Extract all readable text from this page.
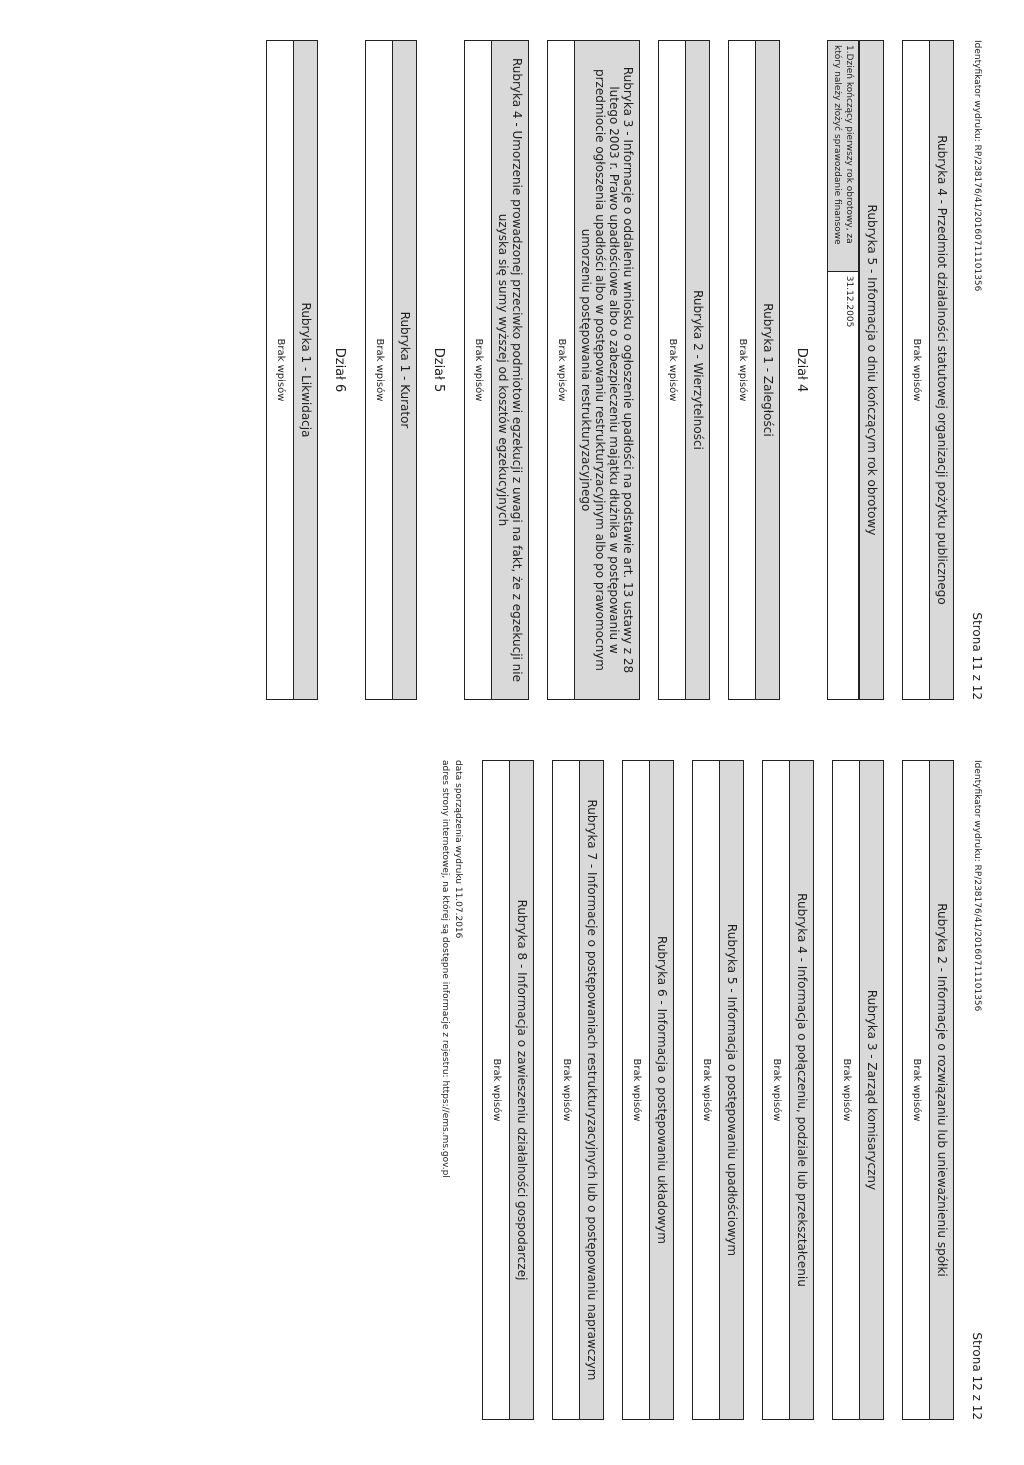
Identyfikator wydruku: RP/238176/41/20160711101356
Strona 11 z 12
Rubryka 4 - Przedmiot działalności statutowej organizacji pożytku publicznego
Brak wpisów
Rubryka 5 - Informacja o dniu kończącym rok obrotowy
1.Dzień kończący pierwszy rok obrotowy, za który należy złożyć sprawozdanie finansowe	31.12.2005
Dział 4
Rubryka 1 - Zaległości
Brak wpisów
Rubryka 2 - Wierzytelności
Brak wpisów
Rubryka 3 - Informacje o oddaleniu wniosku o ogłoszenie upadłości na podstawie art. 13 ustawy z 28 lutego 2003 r. Prawo upadłościowe albo o zabezpieczeniu majątku dłużnika w postępowaniu w przedmiocie ogłoszenia upadłości albo w postępowaniu restrukturyzacyjnym albo po prawomocnym umorzeniu postępowania restrukturyzacyjnego
Brak wpisów
Rubryka 4 - Umorzenie prowadzonej przeciwko podmiotowi egzekucji z uwagi na fakt, że z egzekucji nie uzyska się sumy wyższej od kosztów egzekucyjnych
Brak wpisów
Dział 5
Rubryka 1 - Kurator
Brak wpisów
Dział 6
Rubryka 1 - Likwidacja
Brak wpisów
Identyfikator wydruku: RP/238176/41/20160711101356
Strona 12 z 12
Rubryka 2 - Informacje o rozwiązaniu lub unieważnieniu spółki
Brak wpisów
Rubryka 3 - Zarząd komisaryczny
Brak wpisów
Rubryka 4 - Informacja o połączeniu, podziale lub przekształceniu
Brak wpisów
Rubryka 5 - Informacja o postępowaniu upadłościowym
Brak wpisów
Rubryka 6 - Informacja o postępowaniu układowym
Brak wpisów
Rubryka 7 - Informacje o postępowaniach restrukturyzacyjnych lub o postępowaniu naprawczym
Brak wpisów
Rubryka 8 - Informacja o zawieszeniu działalności gospodarczej
Brak wpisów
data sporządzenia wydruku 11.07.2016
adres strony internetowej, na której są dostępne informacje z rejestru: https://ems.ms.gov.pl
